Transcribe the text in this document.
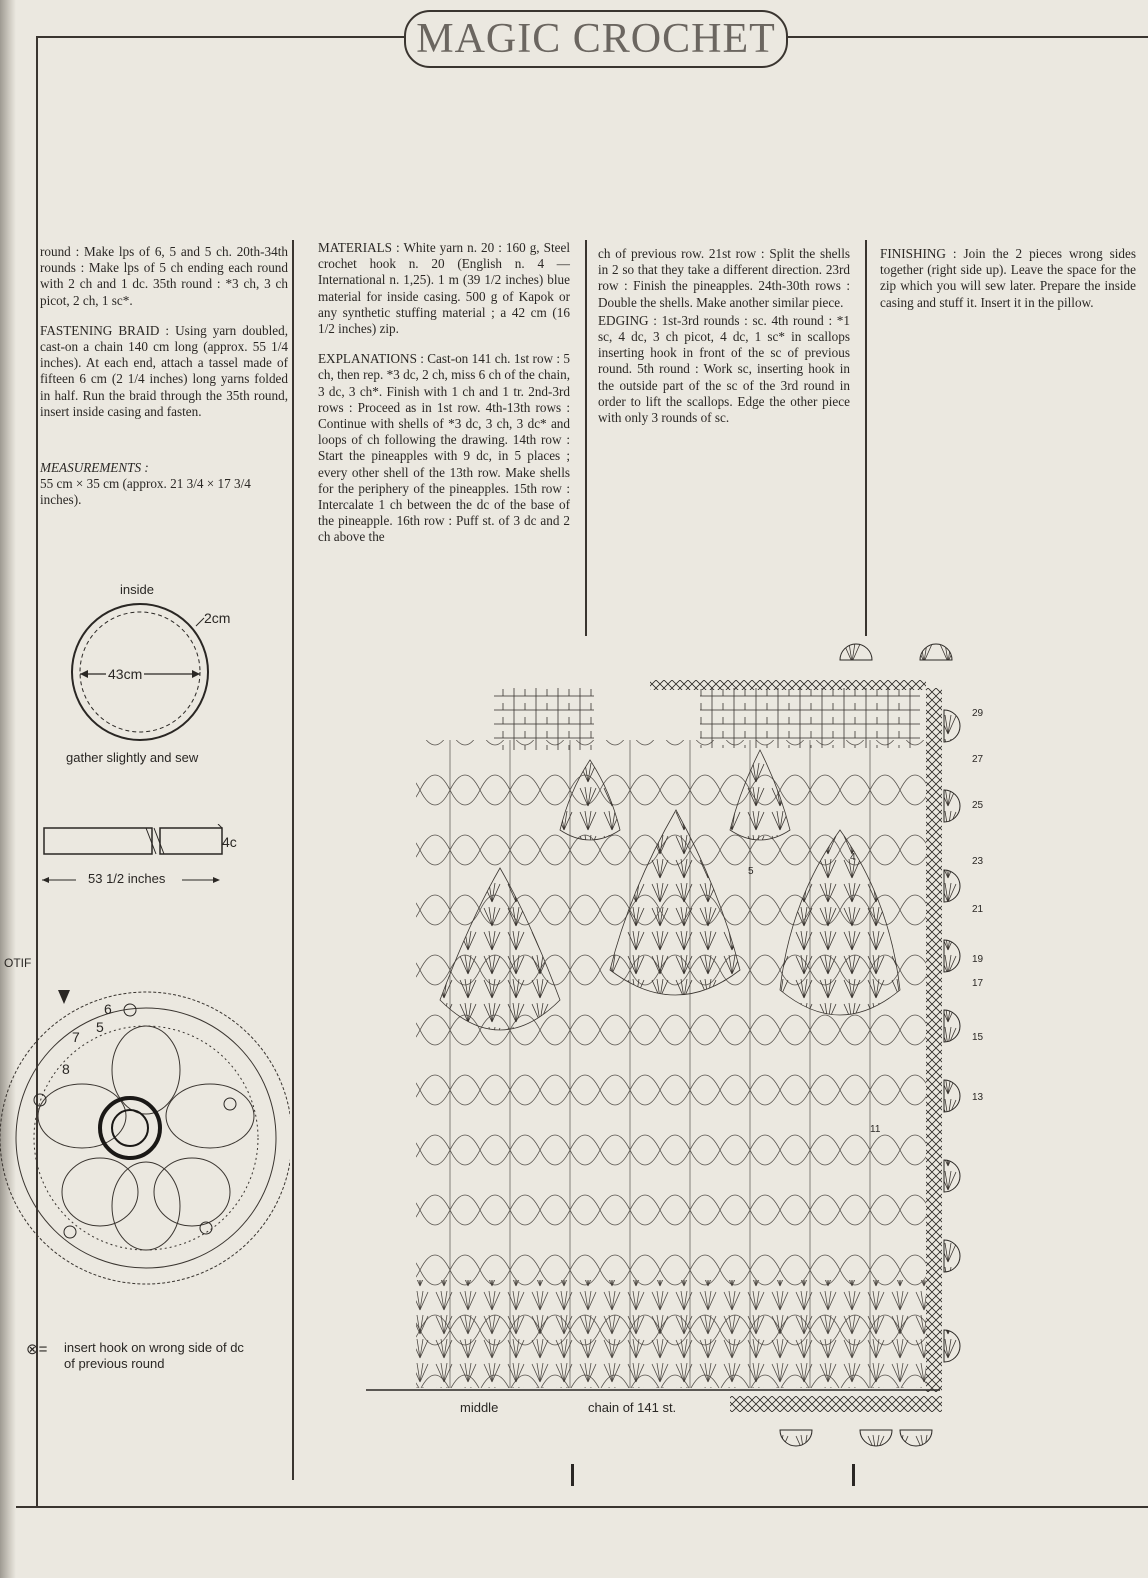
MAGIC CROCHET

round : Make lps of 6, 5 and 5 ch. 20th-34th rounds : Make lps of 5 ch ending each round with 2 ch and 1 dc. 35th round : *3 ch, 3 ch picot, 2 ch, 1 sc*.

FASTENING BRAID : Using yarn doubled, cast-on a chain 140 cm long (approx. 55 1/4 inches). At each end, attach a tassel made of fifteen 6 cm (2 1/4 inches) long yarns folded in half. Run the braid through the 35th round, insert inside casing and fasten.

MEASUREMENTS :

55 cm × 35 cm (approx. 21 3/4 × 17 3/4 inches).

MATERIALS : White yarn n. 20 : 160 g, Steel crochet hook n. 20 (English n. 4 — International n. 1,25). 1 m (39 1/2 inches) blue material for inside casing. 500 g of Kapok or any synthetic stuffing material ; a 42 cm (16 1/2 inches) zip.

EXPLANATIONS : Cast-on 141 ch. 1st row : 5 ch, then rep. *3 dc, 2 ch, miss 6 ch of the chain, 3 dc, 3 ch*. Finish with 1 ch and 1 tr. 2nd-3rd rows : Proceed as in 1st row. 4th-13th rows : Continue with shells of *3 dc, 3 ch, 3 dc* and loops of ch following the drawing. 14th row : Start the pineapples with 9 dc, in 5 places ; every other shell of the 13th row. Make shells for the periphery of the pineapples. 15th row : Intercalate 1 ch between the dc of the base of the pineapple. 16th row : Puff st. of 3 dc and 2 ch above the

ch of previous row. 21st row : Split the shells in 2 so that they take a different direction. 23rd row : Finish the pineapples. 24th-30th rows : Double the shells. Make another similar piece.

EDGING : 1st-3rd rounds : sc. 4th round : *1 sc, 4 dc, 3 ch picot, 4 dc, 1 sc* in scallops inserting hook in front of the sc of previous round. 5th round : Work sc, inserting hook in the outside part of the sc of the 3rd round in order to lift the scallops. Edge the other piece with only 3 rounds of sc.

FINISHING : Join the 2 pieces wrong sides together (right side up). Leave the space for the zip which you will sew later. Prepare the inside casing and stuff it. Insert it in the pillow.

inside
2cm
43cm
gather slightly and sew
4c
53 1/2 inches
OTIF
5
6
7
8
⊗= insert hook on wrong side of dc
of previous round
29
27
25
23
21
19
17
15
13
4
5
11
middle	chain of 141 st.
